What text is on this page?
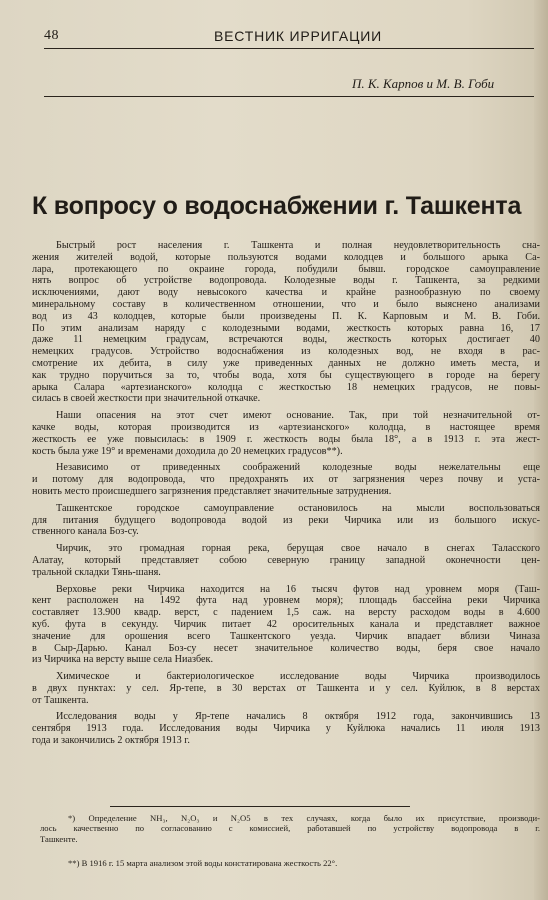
48	ВЕСТНИК ИРРИГАЦИИ
П. К. Карпов и М. В. Гоби
К вопросу о водоснабжении г. Ташкента
Быстрый рост населения г. Ташкента и полная неудовлетворительность сна-
жения жителей водой, которые пользуются водами колодцев и большого арыка Са-
лара, протекающего по окраине города, побудили бывш. городское самоуправление
нять вопрос об устройстве водопровода. Колодезные воды г. Ташкента, за редкими
исключениями, дают воду невысокого качества и крайне разнообразную по своему
минеральному составу в количественном отношении, что и было выяснено анализами
вод из 43 колодцев, которые были произведены П. К. Карповым и М. В. Гоби.
По этим анализам наряду с колодезными водами, жесткость которых равна 16, 17
даже 11 немецким градусам, встречаются воды, жесткость которых достигает 40
немецких градусов. Устройство водоснабжения из колодезных вод, не входя в рас-
смотрение их дебита, в силу уже приведенных данных не должно иметь места, и
как трудно поручиться за то, чтобы вода, хотя бы существующего в городе на берегу
арыка Салара «артезианского» колодца с жесткостью 18 немецких градусов, не повы-
силась в своей жесткости при значительной откачке.
Наши опасения на этот счет имеют основание. Так, при той незначительной от-
качке воды, которая производится из «артезианского» колодца, в настоящее время
жесткость ее уже повысилась: в 1909 г. жесткость воды была 18°, а в 1913 г. эта жест-
кость была уже 19° и временами доходила до 20 немецких градусов**).
Независимо от приведенных соображений колодезные воды нежелательны еще
и потому для водопровода, что предохранять их от загрязнения через почву и уста-
новить место происшедшего загрязнения представляет значительные затруднения.
Ташкентское городское самоуправление остановилось на мысли воспользоваться
для питания будущего водопровода водой из реки Чирчика или из большого искус-
ственного канала Боз-су.
Чирчик, это громадная горная река, берущая свое начало в снегах Таласского
Алатау, который представляет собою северную границу западной оконечности цен-
тральной складки Тянь-шаня.
Верховье реки Чирчика находится на 16 тысяч футов над уровнем моря (Таш-
кент расположен на 1492 фута над уровнем моря); площадь бассейна реки Чирчика
составляет 13.900 квадр. верст, с падением 1,5 саж. на версту расходом воды в 4.600
куб. фута в секунду. Чирчик питает 42 оросительных канала и представляет важное
значение для орошения всего Ташкентского уезда. Чирчик впадает вблизи Чиназа
в Сыр-Дарью. Канал Боз-су несет значительное количество воды, беря свое начало
из Чирчика на версту выше села Ниазбек.
Химическое и бактериологическое исследование воды Чирчика производилось
в двух пунктах: у сел. Яр-тепе, в 30 верстах от Ташкента и у сел. Куйлюк, в 8 верстах
от Ташкента.
Исследования воды у Яр-тепе начались 8 октября 1912 года, закончившись 13
сентября 1913 года. Исследования воды Чирчика у Куйлюка начались 11 июля 1913
года и закончились 2 октября 1913 г.
*) Определение NH₃, N₂O₃ и N₂O5 в тех случаях, когда было их присутствие, производи-
лось качественно по согласованию с комиссией, работавшей по устройству водопровода в г.
Ташкенте.
**) В 1916 г. 15 марта анализом этой воды констатирована жесткость 22°.
